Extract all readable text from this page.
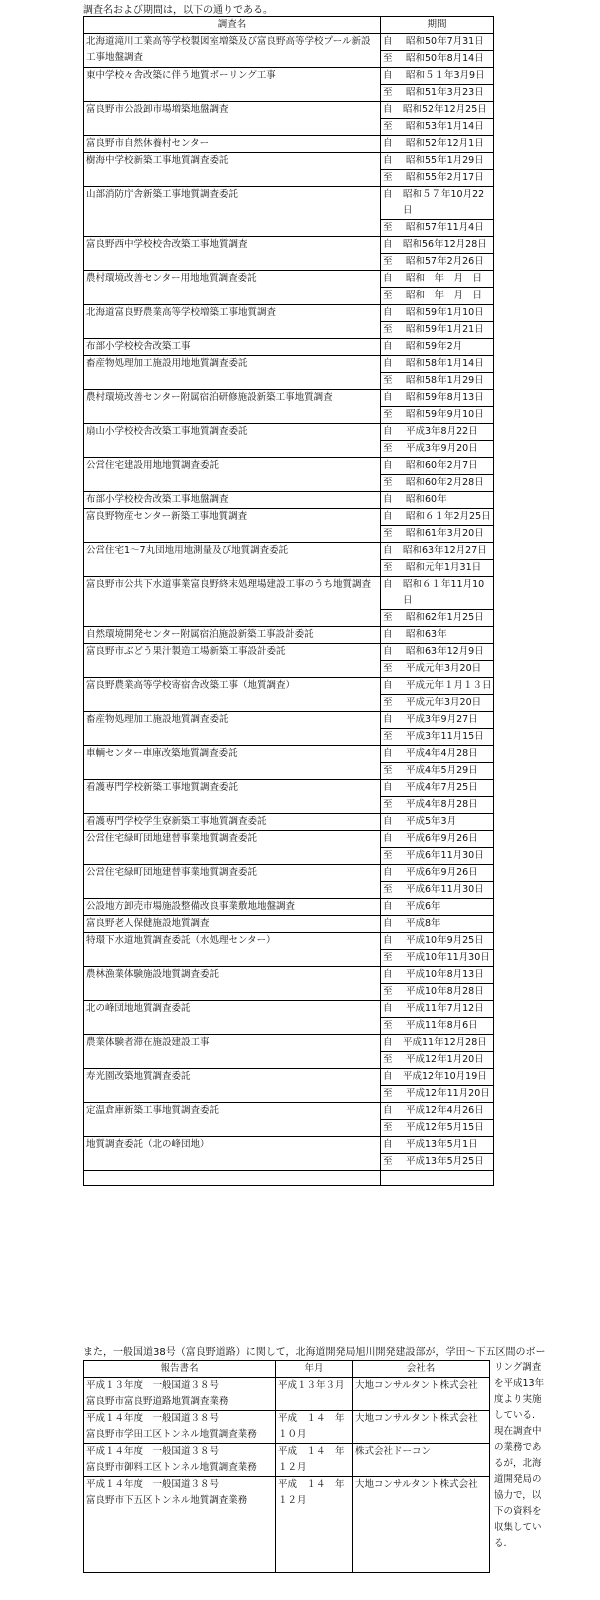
調査名および期間は，以下の通りである。
調査名	期間
北海道滝川工業高等学校製図室増築及び富良野高等学校プール新設工事地盤調査	自 昭和50年7月31日
至 昭和50年8月14日

東中学校々舎改築に伴う地質ボーリング工事	自 昭和５１年3月9日
至 昭和51年3月23日

富良野市公設卸市場増築地盤調査	自 昭和52年12月25日
至 昭和53年1月14日

富良野市自然休養村センター	自 昭和52年12月1日

樹海中学校新築工事地質調査委託	自 昭和55年1月29日
至 昭和55年2月17日

山部消防庁舎新築工事地質調査委託	自 昭和５７年10月22日
至 昭和57年11月4日

富良野西中学校校舎改築工事地質調査	自 昭和56年12月28日
至 昭和57年2月26日

農村環境改善センター用地地質調査委託	自 昭和　年　月　日
至 昭和　年　月　日

北海道富良野農業高等学校増築工事地質調査	自 昭和59年1月10日
至 昭和59年1月21日

布部小学校校舎改築工事	自 昭和59年2月

畜産物処理加工施設用地地質調査委託	自 昭和58年1月14日
至 昭和58年1月29日

農村環境改善センター附属宿泊研修施設新築工事地質調査	自 昭和59年8月13日
至 昭和59年9月10日

扇山小学校校舎改築工事地質調査委託	自 平成3年8月22日
至 平成3年9月20日

公営住宅建設用地地質調査委託	自 昭和60年2月7日
至 昭和60年2月28日

布部小学校校舎改築工事地盤調査	自 昭和60年

富良野物産センター新築工事地質調査	自 昭和６１年2月25日
至 昭和61年3月20日

公営住宅1～7丸団地用地測量及び地質調査委託	自 昭和63年12月27日
至 昭和元年1月31日

富良野市公共下水道事業富良野終末処理場建設工事のうち地質調査	自 昭和６１年11月10日
至 昭和62年1月25日

自然環境開発センター附属宿泊施設新築工事設計委託	自 昭和63年

富良野市ぶどう果汁製造工場新築工事設計委託	自 昭和63年12月9日
至 平成元年3月20日

富良野農業高等学校寄宿舎改築工事（地質調査）	自 平成元年１月１３日
至 平成元年3月20日

畜産物処理加工施設地質調査委託	自 平成3年9月27日
至 平成3年11月15日

車輌センター車庫改築地質調査委託	自 平成4年4月28日
至 平成4年5月29日

看護専門学校新築工事地質調査委託	自 平成4年7月25日
至 平成4年8月28日

看護専門学校学生寮新築工事地質調査委託	自 平成5年3月

公営住宅緑町団地建替事業地質調査委託	自 平成6年9月26日
至 平成6年11月30日

公営住宅緑町団地建替事業地質調査委託	自 平成6年9月26日
至 平成6年11月30日

公設地方卸売市場施設整備改良事業敷地地盤調査	自 平成6年

富良野老人保健施設地質調査	自 平成8年

特環下水道地質調査委託（水処理センター）	自 平成10年9月25日
至 平成10年11月30日

農林漁業体験施設地質調査委託	自 平成10年8月13日
至 平成10年8月28日

北の峰団地地質調査委託	自 平成11年7月12日
至 平成11年8月6日

農業体験者滞在施設建設工事	自 平成11年12月28日
至 平成12年1月20日

寿光園改築地質調査委託	自 平成12年10月19日
至 平成12年11月20日

定温倉庫新築工事地質調査委託	自 平成12年4月26日
至 平成12年5月15日

地質調査委託（北の峰団地）	自 平成13年5月1日
至 平成13年5月25日

また，一般国道38号（富良野道路）に関して，北海道開発局旭川開発建設部が，学田～下五区間のボー
報告書名	年月	会社名

平成１３年度　一般国道３８号
富良野市富良野道路地質調査業務	平成１３年３月	大地コンサルタント株式会社

平成１４年度　一般国道３８号
富良野市学田工区トンネル地質調査業務	平成　１４　年　１０月	大地コンサルタント株式会社

平成１４年度　一般国道３８号
富良野市御料工区トンネル地質調査業務	平成　１４　年　１２月	株式会社ドーコン

平成１４年度　一般国道３８号
富良野市下五区トンネル地質調査業務	平成　１４　年　１２月	大地コンサルタント株式会社
リング調査
を平成13年
度より実施
している.
現在調査中
の業務であ
るが，北海
道開発局の
協力で，以
下の資料を
収集してい
る.
